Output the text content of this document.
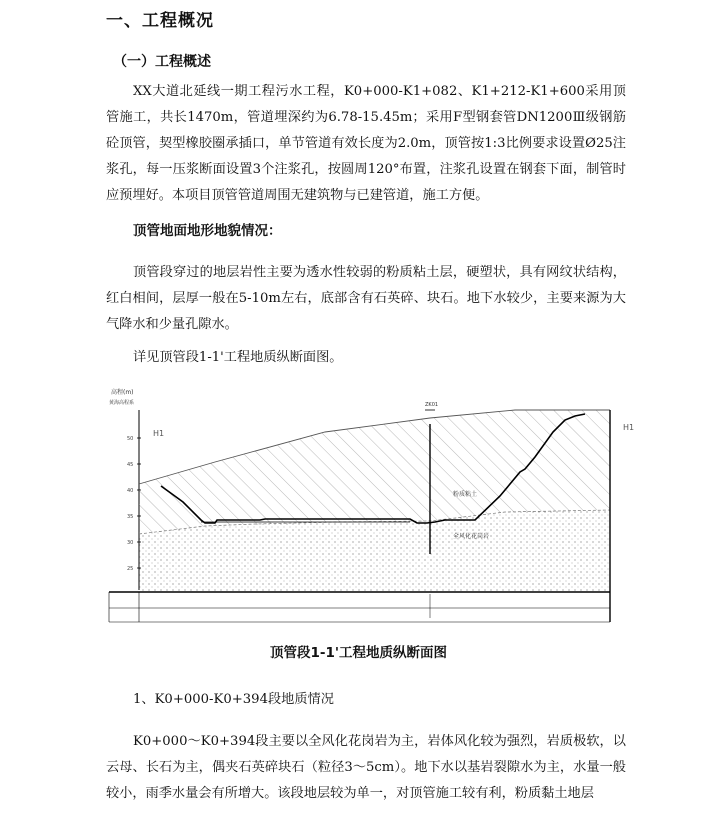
一、工程概况
（一）工程概述
XX大道北延线一期工程污水工程，K0+000-K1+082、K1+212-K1+600采用顶管施工，共长1470m，管道埋深约为6.78-15.45m；采用F型钢套管DN1200Ⅲ级钢筋砼顶管，契型橡胶圈承插口，单节管道有效长度为2.0m，顶管按1:3比例要求设置Ø25注浆孔，每一压浆断面设置3个注浆孔，按圆周120°布置，注浆孔设置在钢套下面，制管时应预埋好。本项目顶管管道周围无建筑物与已建管道，施工方便。
顶管地面地形地貌情况：
顶管段穿过的地层岩性主要为透水性较弱的粉质粘土层，硬塑状，具有网纹状结构，红白相间，层厚一般在5-10m左右，底部含有石英碎、块石。地下水较少，主要来源为大气降水和少量孔隙水。
详见顶管段1-1'工程地质纵断面图。
高程(m)
黄海高程系
50
45
40
35
30
25
ZK01
粉质粘土
全风化花岗岩
H1
H1
顶管段1-1'工程地质纵断面图
1、K0+000-K0+394段地质情况
K0+000～K0+394段主要以全风化花岗岩为主，岩体风化较为强烈，岩质极软，以云母、长石为主，偶夹石英碎块石（粒径3～5cm）。地下水以基岩裂隙水为主，水量一般较小，雨季水量会有所增大。该段地层较为单一，对顶管施工较有利，粉质黏土地层
